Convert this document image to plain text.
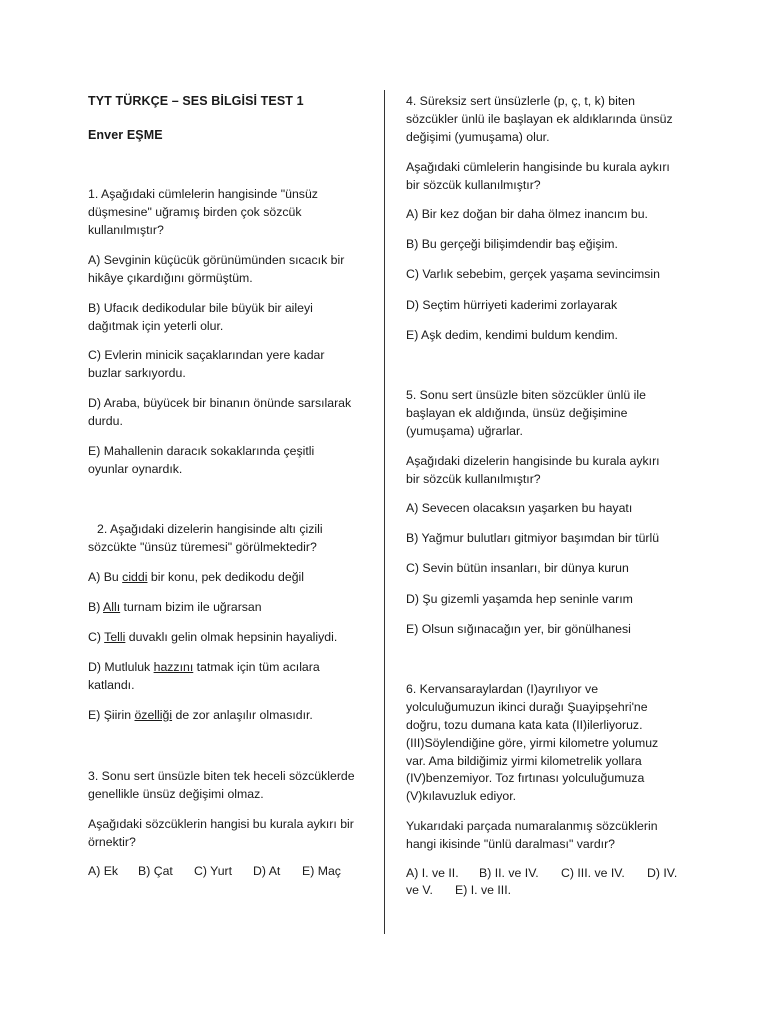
TYT TÜRKÇE – SES BİLGİSİ TEST 1

Enver EŞME

1. Aşağıdaki cümlelerin hangisinde "ünsüz

düşmesine" uğramış birden çok sözcük

kullanılmıştır?

A) Sevginin küçücük görünümünden sıcacık bir

hikâye çıkardığını görmüştüm.

B) Ufacık dedikodular bile büyük bir aileyi

dağıtmak için yeterli olur.

C) Evlerin minicik saçaklarından yere kadar

buzlar sarkıyordu.

D) Araba, büyücek bir binanın önünde sarsılarak

durdu.

E) Mahallenin daracık sokaklarında çeşitli

oyunlar oynardık.

2. Aşağıdaki dizelerin hangisinde altı çizili

sözcükte "ünsüz türemesi" görülmektedir?

A) Bu ciddi bir konu, pek dedikodu değil

B) Allı turnam bizim ile uğrarsan

C) Telli duvaklı gelin olmak hepsinin hayaliydi.

D) Mutluluk hazzını tatmak için tüm acılara

katlandı.

E) Şiirin özelliği de zor anlaşılır olmasıdır.

3. Sonu sert ünsüzle biten tek heceli sözcüklerde

genellikle ünsüz değişimi olmaz.

Aşağıdaki sözcüklerin hangisi bu kurala aykırı bir

örnektir?

A) Ek B) Çat C) Yurt D) At E) Maç

4. Süreksiz sert ünsüzlerle (p, ç, t, k) biten

sözcükler ünlü ile başlayan ek aldıklarında ünsüz

değişimi (yumuşama) olur.

Aşağıdaki cümlelerin hangisinde bu kurala aykırı

bir sözcük kullanılmıştır?

A) Bir kez doğan bir daha ölmez inancım bu.

B) Bu gerçeği bilişimdendir baş eğişim.

C) Varlık sebebim, gerçek yaşama sevincimsin

D) Seçtim hürriyeti kaderimi zorlayarak

E) Aşk dedim, kendimi buldum kendim.

5. Sonu sert ünsüzle biten sözcükler ünlü ile

başlayan ek aldığında, ünsüz değişimine

(yumuşama) uğrarlar.

Aşağıdaki dizelerin hangisinde bu kurala aykırı

bir sözcük kullanılmıştır?

A) Sevecen olacaksın yaşarken bu hayatı

B) Yağmur bulutları gitmiyor başımdan bir türlü

C) Sevin bütün insanları, bir dünya kurun

D) Şu gizemli yaşamda hep seninle varım

E) Olsun sığınacağın yer, bir gönülhanesi

6. Kervansaraylardan (I)ayrılıyor ve

yolculuğumuzun ikinci durağı Şuayipşehri'ne

doğru, tozu dumana kata kata (II)ilerliyoruz.

(III)Söylendiğine göre, yirmi kilometre yolumuz

var. Ama bildiğimiz yirmi kilometrelik yollara

(IV)benzemiyor. Toz fırtınası yolculuğumuza

(V)kılavuzluk ediyor.

Yukarıdaki parçada numaralanmış sözcüklerin

hangi ikisinde "ünlü daralması" vardır?

A) I. ve II. B) II. ve IV. C) III. ve IV. D) IV.

ve V. E) I. ve III.
